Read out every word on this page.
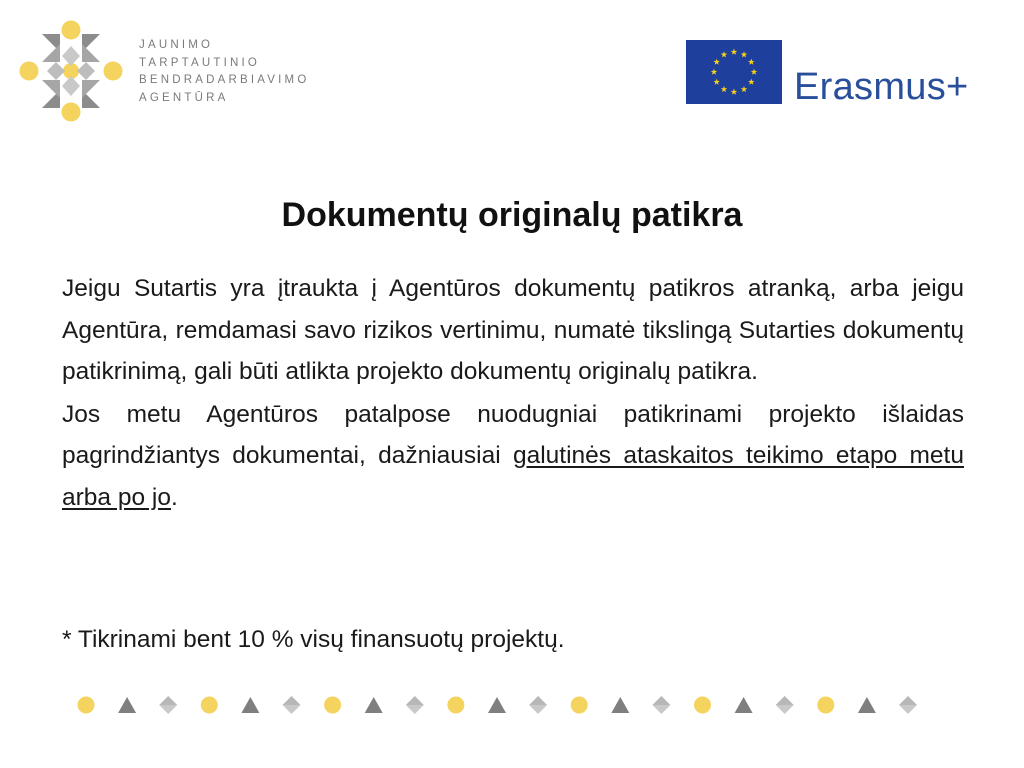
JAUNIMO
TARPTAUTINIO
BENDRADARBIAVIMO
AGENTŪRA	Erasmus+
Dokumentų originalų patikra

Jeigu Sutartis yra įtraukta į Agentūros dokumentų patikros atranką, arba jeigu Agentūra, remdamasi savo rizikos vertinimu, numatė tikslingą Sutarties dokumentų patikrinimą, gali būti atlikta projekto dokumentų originalų patikra.

Jos metu Agentūros patalpose nuodugniai patikrinami projekto išlaidas pagrindžiantys dokumentai, dažniausiai galutinės ataskaitos teikimo etapo metu arba po jo.

* Tikrinami bent 10 % visų finansuotų projektų.
